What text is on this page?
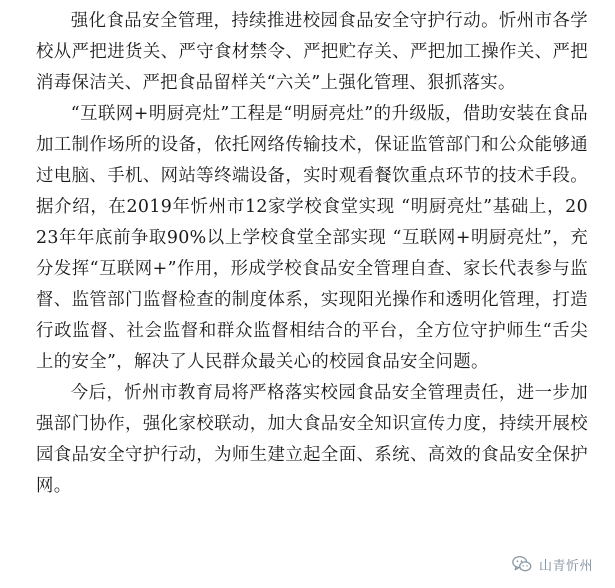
强化食品安全管理，持续推进校园食品安全守护行动。忻州市各学校从严把进货关、严守食材禁令、严把贮存关、严把加工操作关、严把消毒保洁关、严把食品留样关“六关”上强化管理、狠抓落实。

“互联网+明厨亮灶”工程是“明厨亮灶”的升级版，借助安装在食品加工制作场所的设备，依托网络传输技术，保证监管部门和公众能够通过电脑、手机、网站等终端设备，实时观看餐饮重点环节的技术手段。据介绍，在2019年忻州市12家学校食堂实现 “明厨亮灶”基础上，2023年年底前争取90%以上学校食堂全部实现 “互联网+明厨亮灶”，充分发挥“互联网+”作用，形成学校食品安全管理自查、家长代表参与监督、监管部门监督检查的制度体系，实现阳光操作和透明化管理，打造行政监督、社会监督和群众监督相结合的平台，全方位守护师生“舌尖上的安全”，解决了人民群众最关心的校园食品安全问题。

今后，忻州市教育局将严格落实校园食品安全管理责任，进一步加强部门协作，强化家校联动，加大食品安全知识宣传力度，持续开展校园食品安全守护行动，为师生建立起全面、系统、高效的食品安全保护网。

山青忻州
